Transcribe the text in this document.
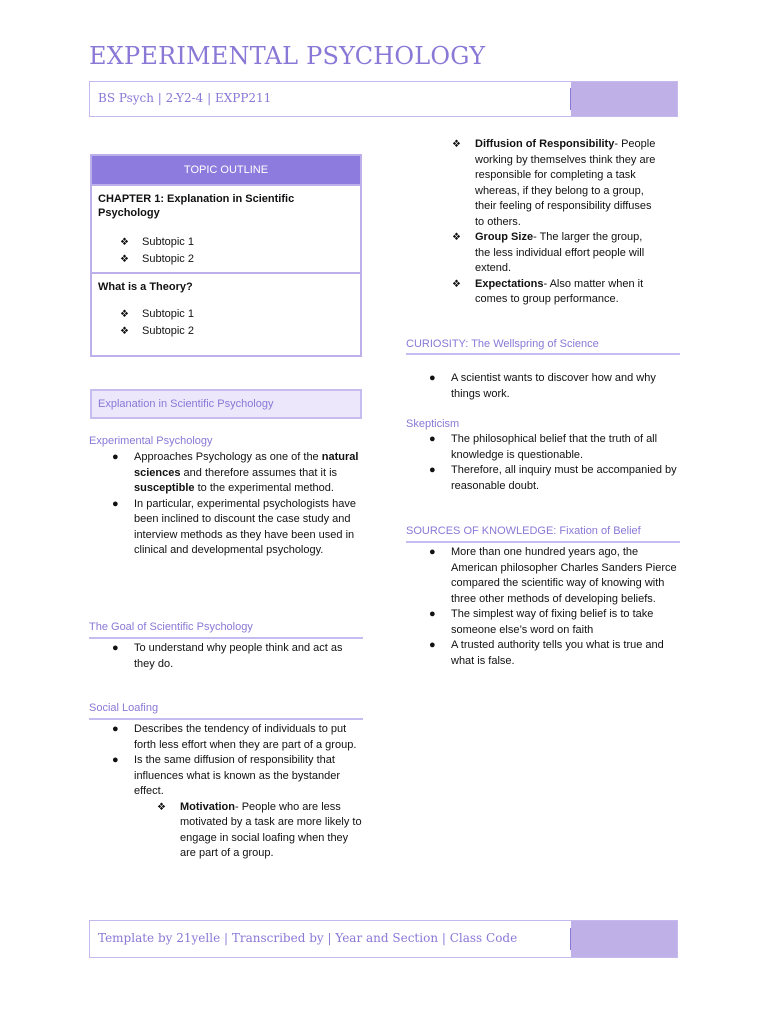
EXPERIMENTAL PSYCHOLOGY
BS Psych | 2-Y2-4 | EXPP211
TOPIC OUTLINE
CHAPTER 1: Explanation in Scientific Psychology
❖ Subtopic 1
❖ Subtopic 2
What is a Theory?
❖ Subtopic 1
❖ Subtopic 2
Explanation in Scientific Psychology
Experimental Psychology
● Approaches Psychology as one of the natural sciences and therefore assumes that it is susceptible to the experimental method.
● In particular, experimental psychologists have been inclined to discount the case study and interview methods as they have been used in clinical and developmental psychology.
The Goal of Scientific Psychology
● To understand why people think and act as they do.
Social Loafing
● Describes the tendency of individuals to put forth less effort when they are part of a group.
● Is the same diffusion of responsibility that influences what is known as the bystander effect.
❖ Motivation- People who are less motivated by a task are more likely to engage in social loafing when they are part of a group.
❖ Diffusion of Responsibility- People working by themselves think they are responsible for completing a task whereas, if they belong to a group, their feeling of responsibility diffuses to others.
❖ Group Size- The larger the group, the less individual effort people will extend.
❖ Expectations- Also matter when it comes to group performance.
CURIOSITY: The Wellspring of Science
● A scientist wants to discover how and why things work.
Skepticism
● The philosophical belief that the truth of all knowledge is questionable.
● Therefore, all inquiry must be accompanied by reasonable doubt.
SOURCES OF KNOWLEDGE: Fixation of Belief
● More than one hundred years ago, the American philosopher Charles Sanders Pierce compared the scientific way of knowing with three other methods of developing beliefs.
● The simplest way of fixing belief is to take someone else’s word on faith
● A trusted authority tells you what is true and what is false.
Template by 21yelle | Transcribed by | Year and Section | Class Code
